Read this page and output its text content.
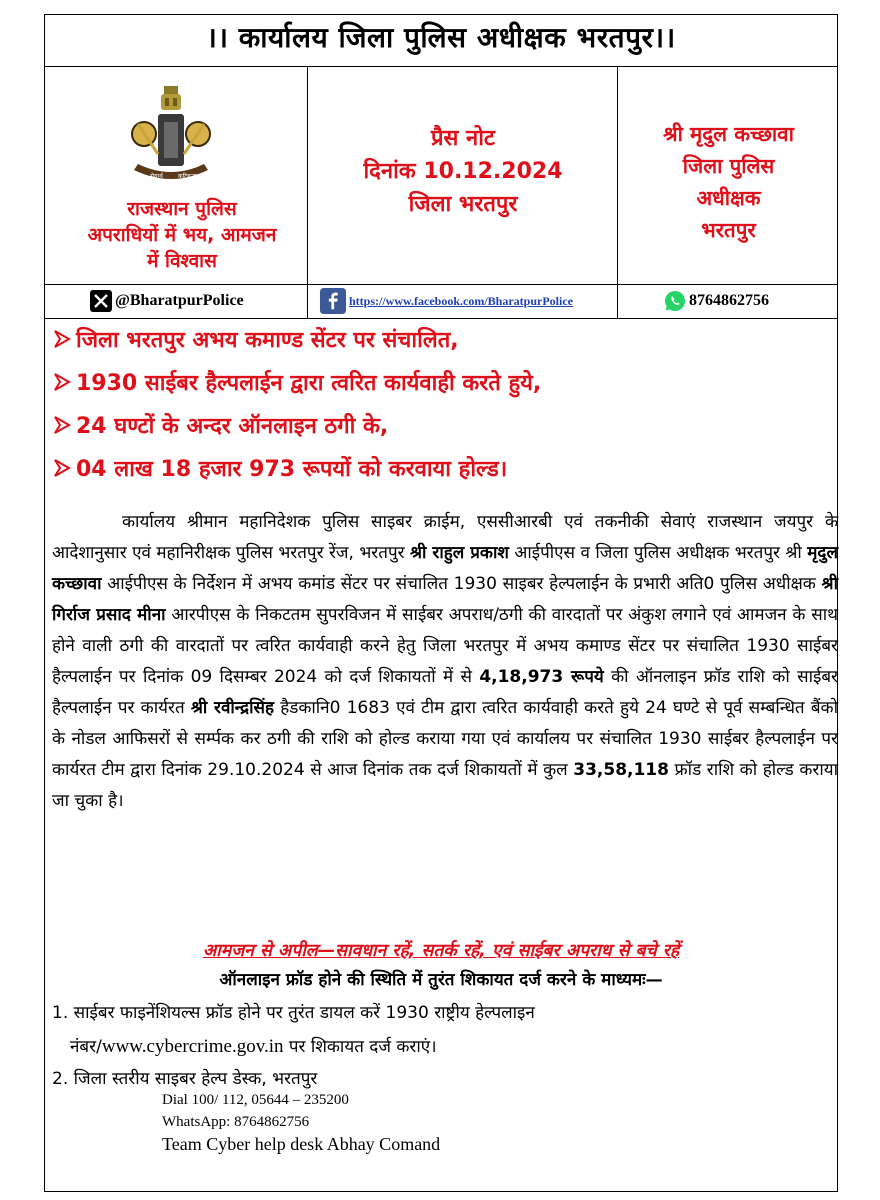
।। कार्यालय जिला पुलिस अधीक्षक भरतपुर।।
सेवार्थ	कटिबद्धता
राजस्थान पुलिस
अपराधियों में भय, आमजन
में विश्वास
प्रैस नोट
दिनांक 10.12.2024
जिला भरतपुर
श्री मृदुल कच्छावा
जिला पुलिस
अधीक्षक
भरतपुर
@BharatpurPolice	https://www.facebook.com/BharatpurPolice	8764862756
जिला भरतपुर अभय कमाण्ड सेंटर पर संचालित,
1930 साईबर हैल्पलाईन द्वारा त्वरित कार्यवाही करते हुये,
24 घण्टों के अन्दर ऑनलाइन ठगी के,
04 लाख 18 हजार 973 रूपयों को करवाया होल्ड।
कार्यालय श्रीमान महानिदेशक पुलिस साइबर क्राईम, एससीआरबी एवं तकनीकी सेवाएं राजस्थान जयपुर के आदेशानुसार एवं महानिरीक्षक पुलिस भरतपुर रेंज, भरतपुर श्री राहुल प्रकाश आईपीएस व जिला पुलिस अधीक्षक भरतपुर श्री मृदुल कच्छावा आईपीएस के निर्देशन में अभय कमांड सेंटर पर संचालित 1930 साइबर हेल्पलाईन के प्रभारी अति0 पुलिस अधीक्षक श्री गिर्राज प्रसाद मीना आरपीएस के निकटतम सुपरविजन में साईबर अपराध/ठगी की वारदातों पर अंकुश लगाने एवं आमजन के साथ होने वाली ठगी की वारदातों पर त्वरित कार्यवाही करने हेतु जिला भरतपुर में अभय कमाण्ड सेंटर पर संचालित 1930 साईबर हैल्पलाईन पर दिनांक 09 दिसम्बर 2024 को दर्ज शिकायतों में से 4,18,973 रूपये की ऑनलाइन फ्रॉड राशि को साईबर हैल्पलाईन पर कार्यरत श्री रवीन्द्रसिंह हैडकानि0 1683 एवं टीम द्वारा त्वरित कार्यवाही करते हुये 24 घण्टे से पूर्व सम्बन्धित बैंको के नोडल आफिसरों से सर्म्पक कर ठगी की राशि को होल्ड कराया गया एवं कार्यालय पर संचालित 1930 साईबर हैल्पलाईन पर कार्यरत टीम द्वारा दिनांक 29.10.2024 से आज दिनांक तक दर्ज शिकायतों में कुल 33,58,118 फ्रॉड राशि को होल्ड कराया जा चुका है।
आमजन से अपील—सावधान रहें, सतर्क रहें, एवं साईबर अपराध से बचे रहें
ऑनलाइन फ्रॉड होने की स्थिति में तुरंत शिकायत दर्ज करने के माध्यमः—
1. साईबर फाइनेंशियल्स फ्रॉड होने पर तुरंत डायल करें 1930 राष्ट्रीय हेल्पलाइन
नंबर/www.cybercrime.gov.in पर शिकायत दर्ज कराएं।
2. जिला स्तरीय साइबर हेल्प डेस्क, भरतपुर
Dial 100/ 112, 05644 – 235200
WhatsApp: 8764862756
Team Cyber help desk Abhay Comand
